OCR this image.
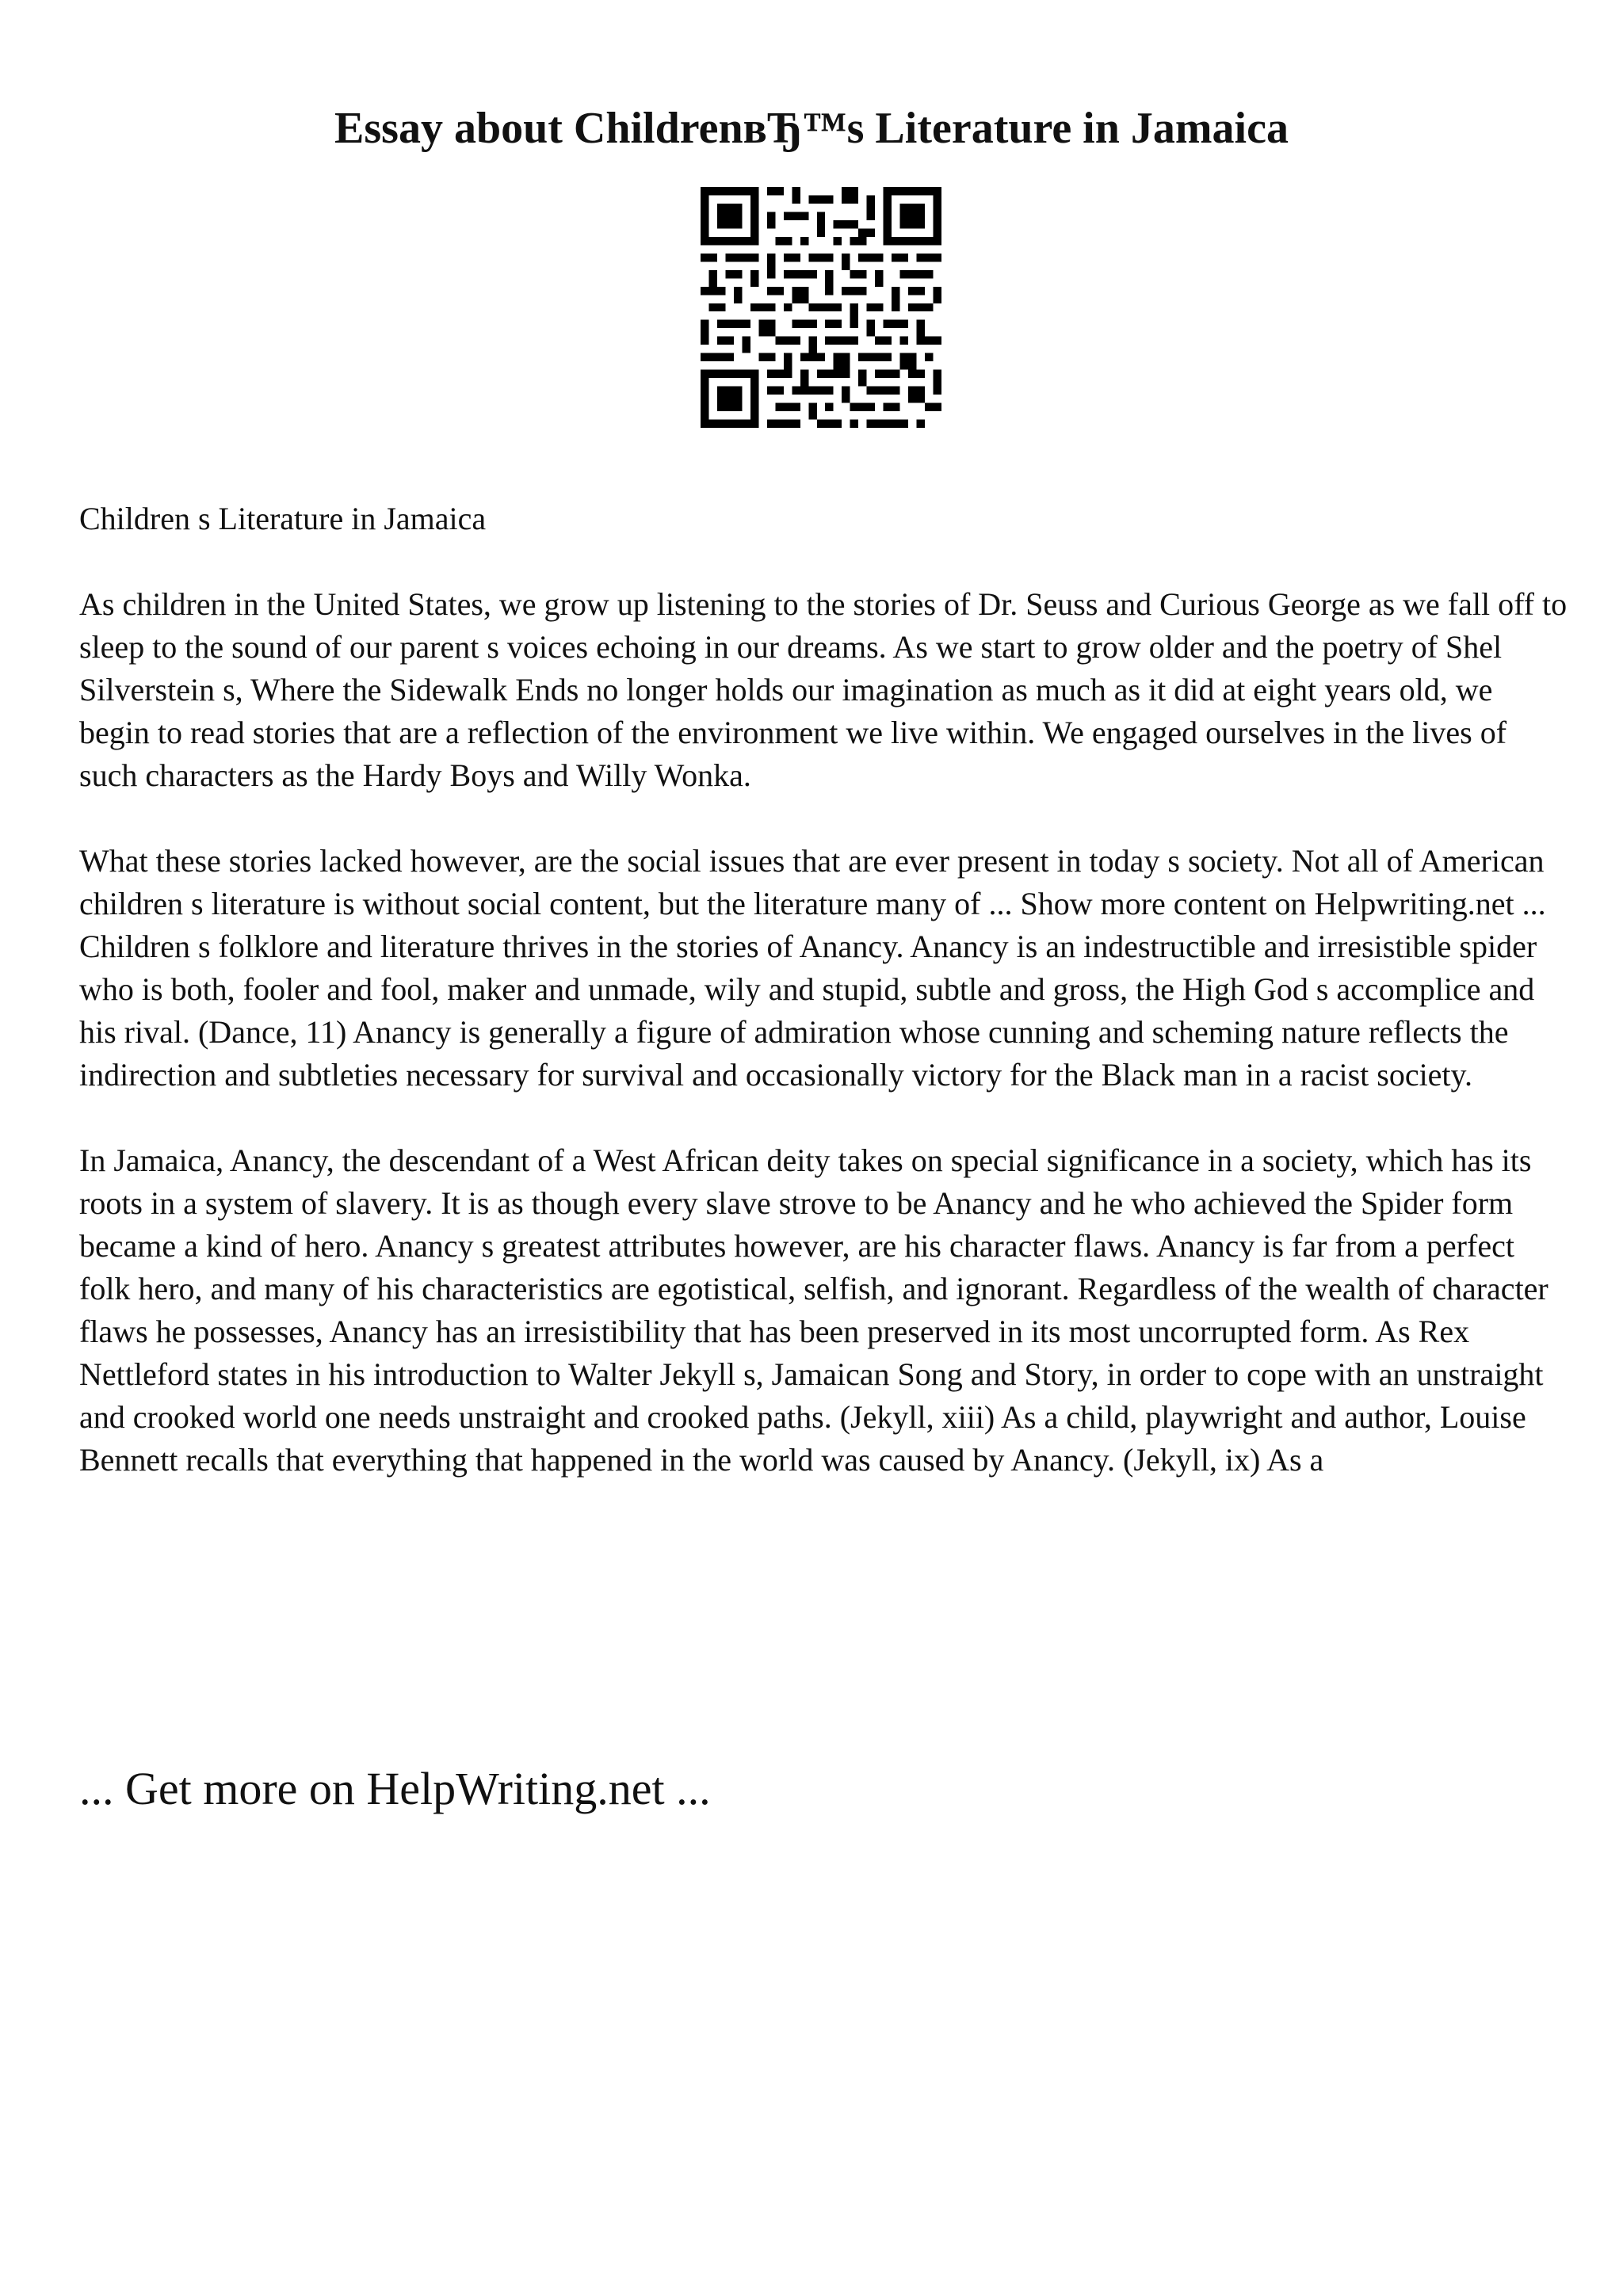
Essay about ChildrenвЂ™s Literature in Jamaica

Children s Literature in Jamaica

As children in the United States, we grow up listening to the stories of Dr. Seuss and Curious George as we fall off to sleep to the sound of our parent s voices echoing in our dreams. As we start to grow older and the poetry of Shel Silverstein s, Where the Sidewalk Ends no longer holds our imagination as much as it did at eight years old, we begin to read stories that are a reflection of the environment we live within. We engaged ourselves in the lives of such characters as the Hardy Boys and Willy Wonka.

What these stories lacked however, are the social issues that are ever present in today s society. Not all of American children s literature is without social content, but the literature many of ... Show more content on Helpwriting.net ...

Children s folklore and literature thrives in the stories of Anancy. Anancy is an indestructible and irresistible spider who is both, fooler and fool, maker and unmade, wily and stupid, subtle and gross, the High God s accomplice and his rival. (Dance, 11) Anancy is generally a figure of admiration whose cunning and scheming nature reflects the indirection and subtleties necessary for survival and occasionally victory for the Black man in a racist society.

In Jamaica, Anancy, the descendant of a West African deity takes on special significance in a society, which has its roots in a system of slavery. It is as though every slave strove to be Anancy and he who achieved the Spider form became a kind of hero. Anancy s greatest attributes however, are his character flaws. Anancy is far from a perfect folk hero, and many of his characteristics are egotistical, selfish, and ignorant. Regardless of the wealth of character flaws he possesses, Anancy has an irresistibility that has been preserved in its most uncorrupted form. As Rex Nettleford states in his introduction to Walter Jekyll s, Jamaican Song and Story, in order to cope with an unstraight and crooked world one needs unstraight and crooked paths. (Jekyll, xiii) As a child, playwright and author, Louise Bennett recalls that everything that happened in the world was caused by Anancy. (Jekyll, ix) As a

... Get more on HelpWriting.net ...
